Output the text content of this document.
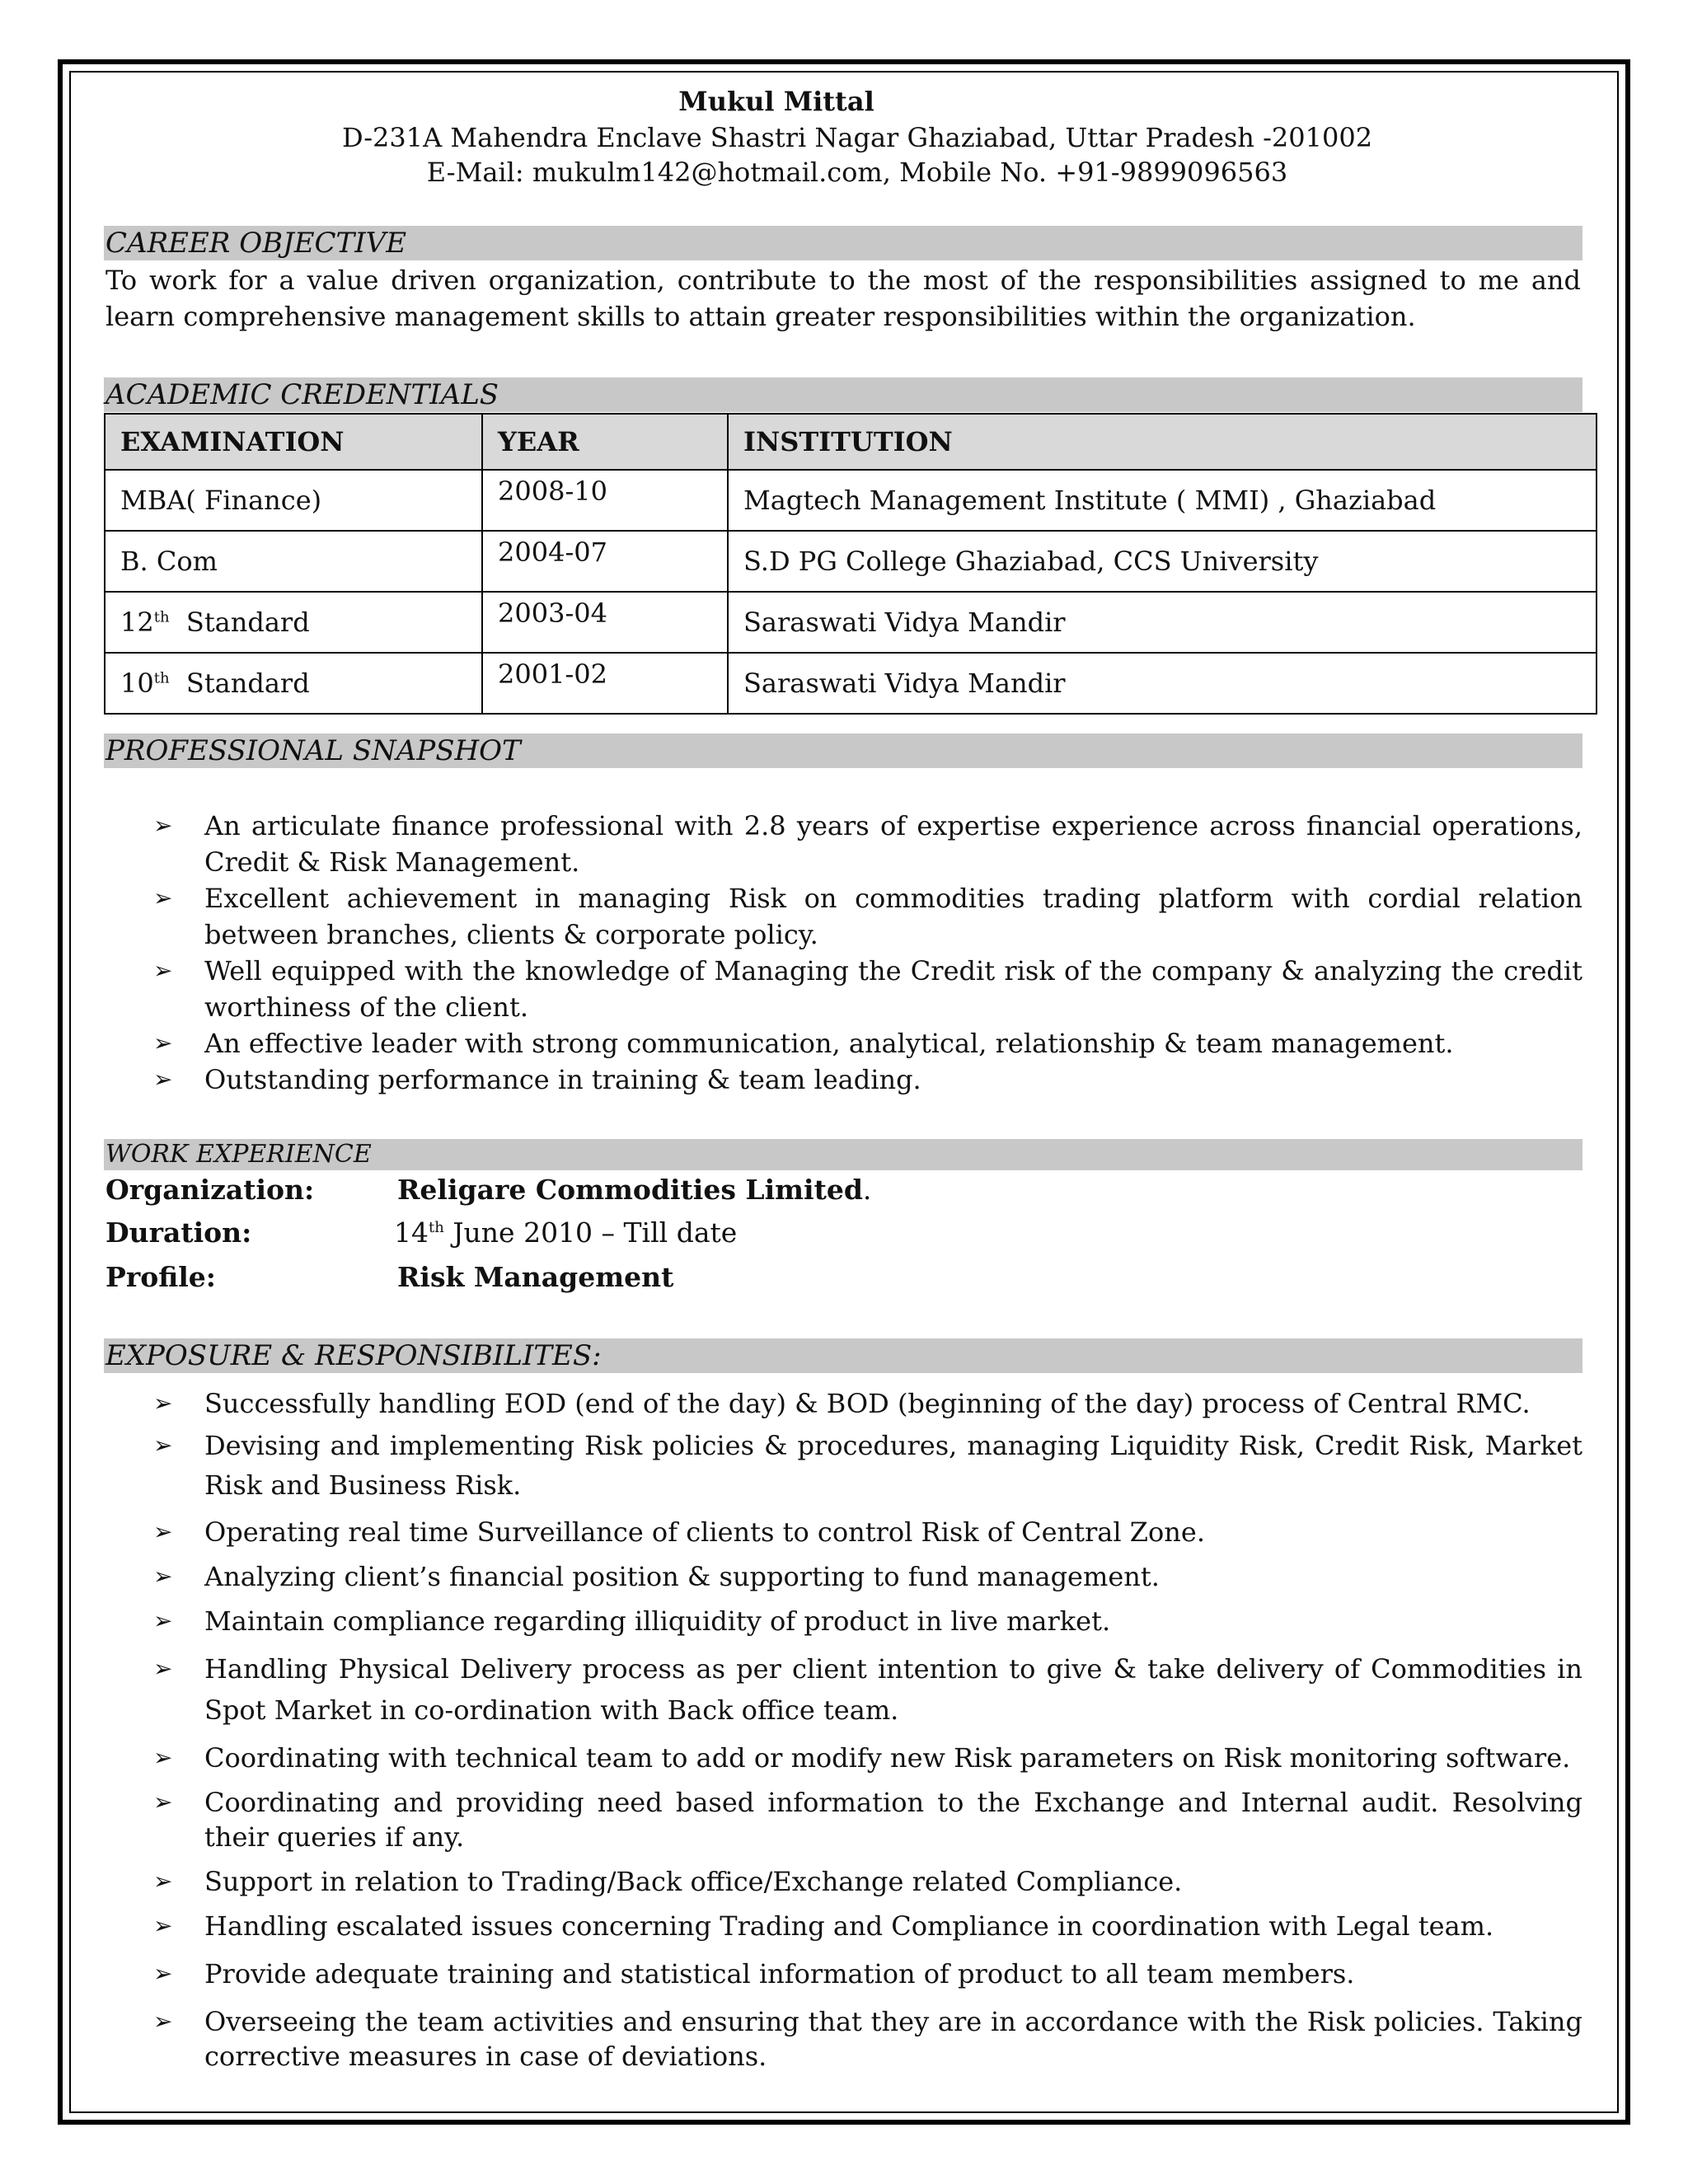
Mukul Mittal
D-231A Mahendra Enclave Shastri Nagar Ghaziabad, Uttar Pradesh -201002
E-Mail: mukulm142@hotmail.com, Mobile No. +91-9899096563
CAREER OBJECTIVE
To work for a value driven organization, contribute to the most of the responsibilities assigned to me and learn comprehensive management skills to attain greater responsibilities within the organization.
ACADEMIC CREDENTIALS
EXAMINATION	YEAR	INSTITUTION
MBA( Finance)	2008-10	Magtech Management Institute ( MMI) , Ghaziabad
B. Com	2004-07	S.D PG College Ghaziabad, CCS University
12th  Standard	2003-04	Saraswati Vidya Mandir
10th  Standard	2001-02	Saraswati Vidya Mandir
PROFESSIONAL SNAPSHOT
➢ An articulate finance professional with 2.8 years of expertise experience across financial operations, Credit & Risk Management.
➢ Excellent achievement in managing Risk on commodities trading platform with cordial relation between branches, clients & corporate policy.
➢ Well equipped with the knowledge of Managing the Credit risk of the company & analyzing the credit worthiness of the client.
➢ An effective leader with strong communication, analytical, relationship & team management.
➢ Outstanding performance in training & team leading.
WORK EXPERIENCE
Organization:	Religare Commodities Limited.
Duration:	14th June 2010 – Till date
Profile:	Risk Management
EXPOSURE & RESPONSIBILITES:
➢ Successfully handling EOD (end of the day) & BOD (beginning of the day) process of Central RMC.
➢ Devising and implementing Risk policies & procedures, managing Liquidity Risk, Credit Risk, Market Risk and Business Risk.
➢ Operating real time Surveillance of clients to control Risk of Central Zone.
➢ Analyzing client’s financial position & supporting to fund management.
➢ Maintain compliance regarding illiquidity of product in live market.
➢ Handling Physical Delivery process as per client intention to give & take delivery of Commodities in Spot Market in co-ordination with Back office team.
➢ Coordinating with technical team to add or modify new Risk parameters on Risk monitoring software.
➢ Coordinating and providing need based information to the Exchange and Internal audit. Resolving their queries if any.
➢ Support in relation to Trading/Back office/Exchange related Compliance.
➢ Handling escalated issues concerning Trading and Compliance in coordination with Legal team.
➢ Provide adequate training and statistical information of product to all team members.
➢ Overseeing the team activities and ensuring that they are in accordance with the Risk policies. Taking corrective measures in case of deviations.
